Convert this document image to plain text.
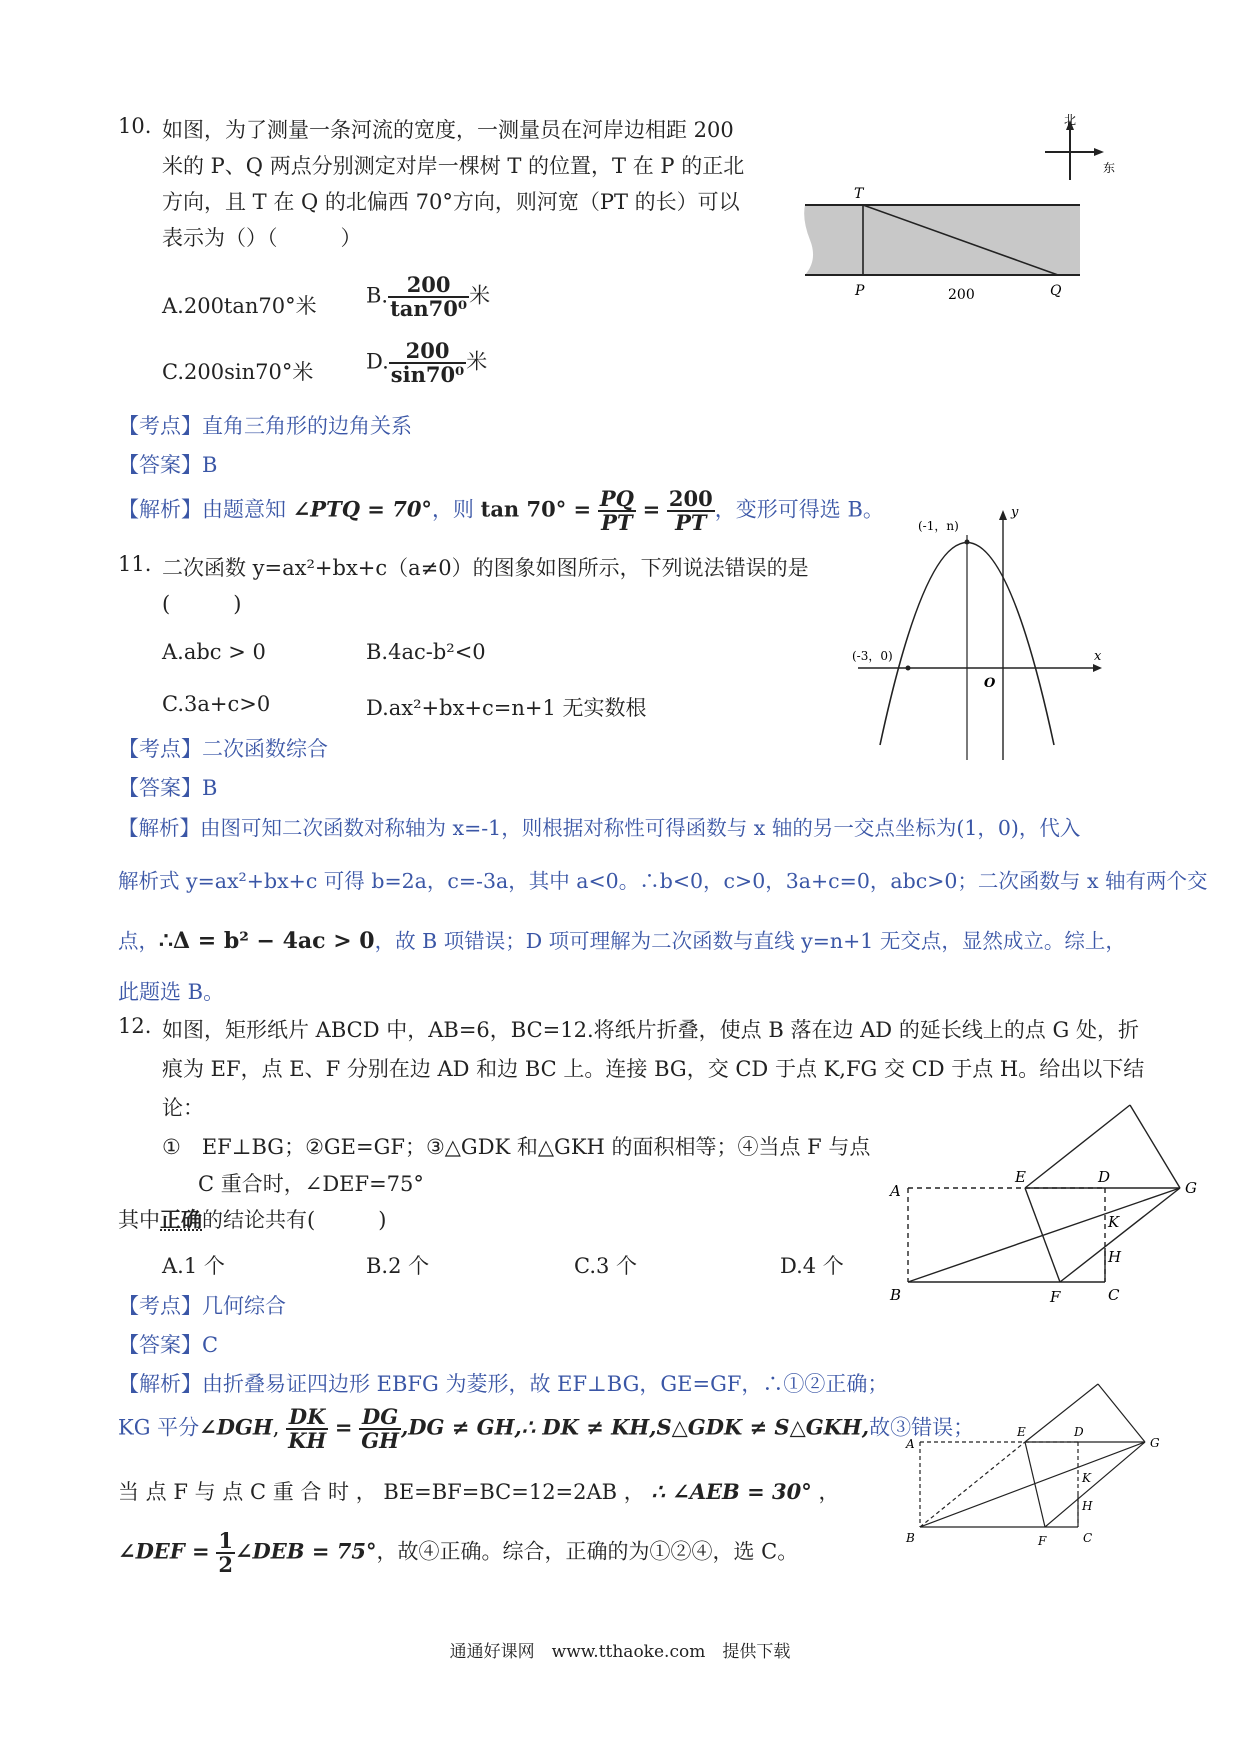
10. 如图，为了测量一条河流的宽度，一测量员在河岸边相距 200
米的 P、Q 两点分别测定对岸一棵树 T 的位置，T 在 P 的正北
方向，且 T 在 Q 的北偏西 70°方向，则河宽（PT 的长）可以
表示为（）（　　　）
A.200tan70°米 B. $\frac{200}{\text{tan70⁰}}$ 米
C.200sin70°米	D. $\frac{200}{\text{sin70⁰}}$ 米
【考点】直角三角形的边角关系
【答案】B
【解析】由题意知 ∠PTQ = 70°，则 $\tan 70^\circ = \frac{PQ}{PT} = \frac{200}{PT}$ ，变形可得选 B。
北
东
T
P	Q
200
11. 二次函数 y=ax²+bx+c（a≠0）的图象如图所示，下列说法错误的是
(　　　)
A.abc > 0	B.4ac-b²<0
C.3a+c>0	D.ax²+bx+c=n+1 无实数根
【考点】二次函数综合
【答案】B
【解析】由图可知二次函数对称轴为 x=-1，则根据对称性可得函数与 x 轴的另一交点坐标为(1，0)，代入
解析式 y=ax²+bx+c 可得 b=2a，c=-3a，其中 a<0。∴b<0，c>0，3a+c=0，abc>0；二次函数与 x 轴有两个交
点，∴Δ = b² − 4ac > 0，故 B 项错误；D 项可理解为二次函数与直线 y=n+1 无交点，显然成立。综上，
此题选 B。
(-1，n)
(-3，0)	x
y
O
12. 如图，矩形纸片 ABCD 中，AB=6，BC=12.将纸片折叠，使点 B 落在边 AD 的延长线上的点 G 处，折
痕为 EF，点 E、F 分别在边 AD 和边 BC 上。连接 BG，交 CD 于点 K,FG 交 CD 于点 H。给出以下结
论：
①　EF⊥BG；②GE=GF；③△GDK 和△GKH 的面积相等；④当点 F 与点
C 重合时，∠DEF=75°
其中正确的结论共有(　　　)
A.1 个	B.2 个	C.3 个	D.4 个
【考点】几何综合
【答案】C
【解析】由折叠易证四边形 EBFG 为菱形，故 EF⊥BG，GE=GF，∴①②正确；
KG 平分∠DGH, $\frac{DK}{KH} = \frac{DG}{GH} ,DG$ ≠ GH,∴ DK ≠ KH,S△GDK ≠ S△GKH,故③错误；
当 点 F 与 点 C 重 合 时 ， BE=BF=BC=12=2AB ， ∴ ∠AEB = 30° ，
∠DEF = $\frac{1}{2}$ ∠DEB = 75°，故④正确。综合，正确的为①②④，选 C。
A
B	C
D
E
F
G
H
K
A
B	C
D
E
F
G
H
K
通通好课网　www.tthaoke.com　提供下载
